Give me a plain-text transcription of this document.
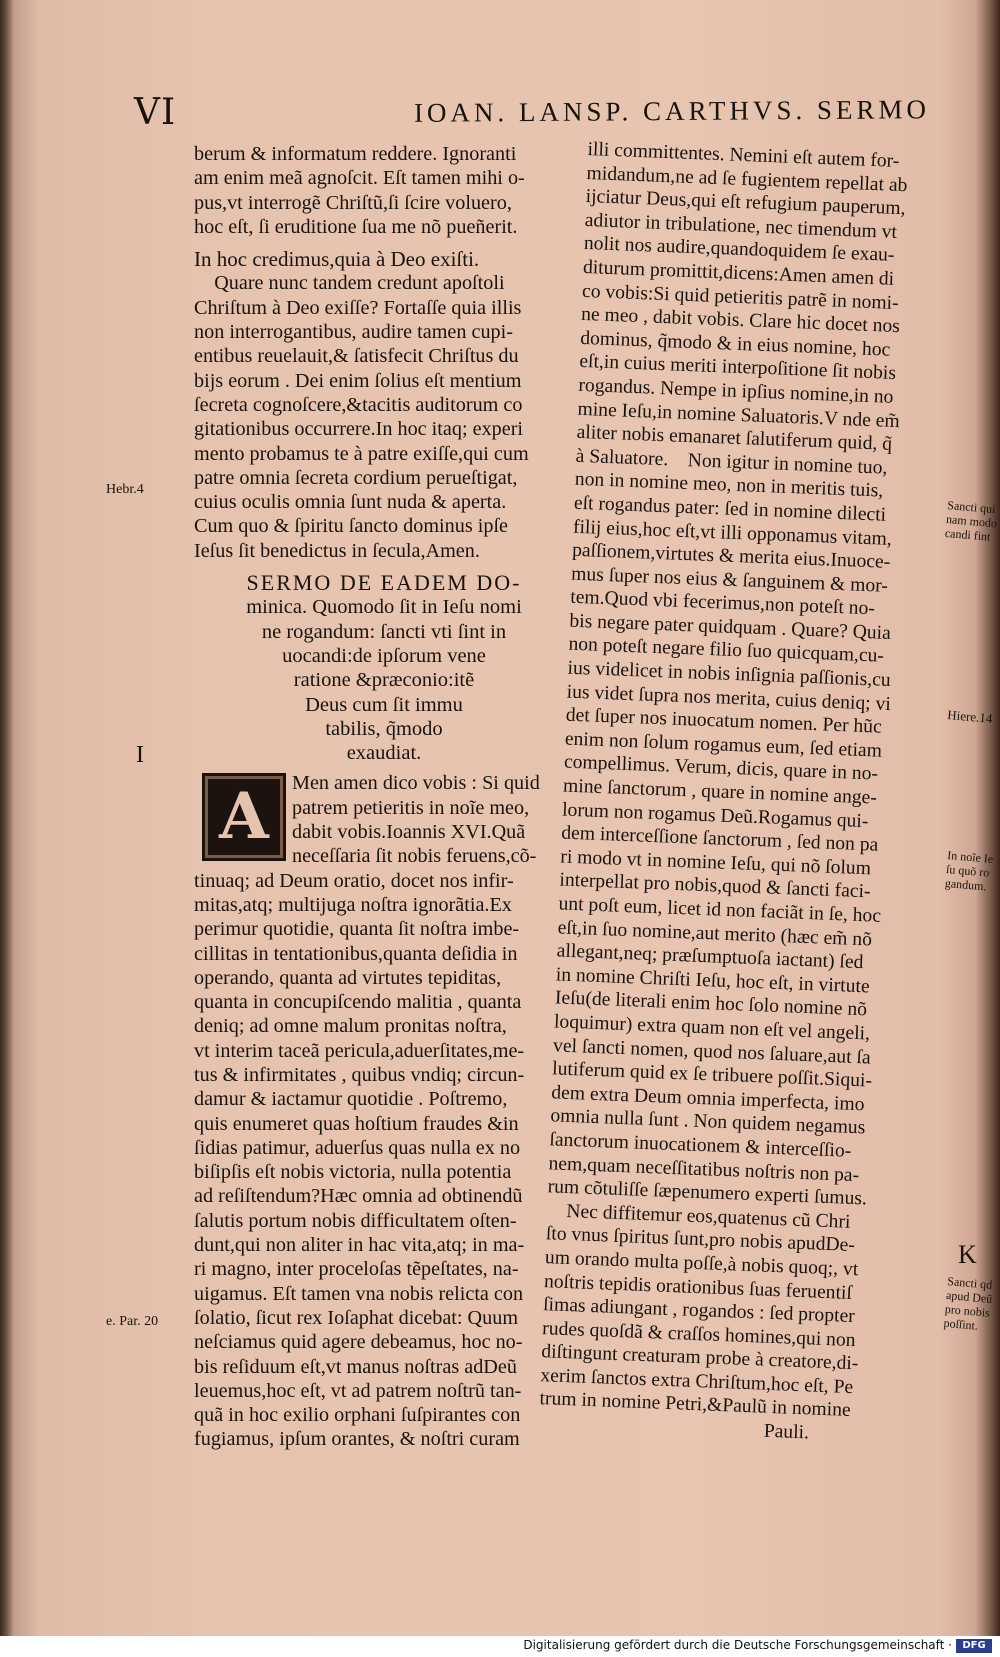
VI	IOAN. LANSP. CARTHVS. SERMO
berum & informatum reddere. Ignoranti
am enim meã agnoſcit. Eſt tamen mihi o-
pus,vt interrogẽ Chriſtũ,ſi ſcire voluero,
hoc eſt, ſi eruditione ſua me nõ pueñerit.
In hoc credimus,quia à Deo exiſti.
Quare nunc tandem credunt apoſtoli
Chriſtum à Deo exiſſe? Fortaſſe quia illis
non interrogantibus, audire tamen cupi-
entibus reuelauit,& ſatisfecit Chriſtus du
bijs eorum . Dei enim ſolius eſt mentium
ſecreta cognoſcere,&tacitis auditorum co
gitationibus occurrere.In hoc itaq; experi
mento probamus te à patre exiſſe,qui cum
patre omnia ſecreta cordium perueſtigat,
cuius oculis omnia ſunt nuda & aperta.
Cum quo & ſpiritu ſancto dominus ipſe
Ieſus ſit benedictus in ſecula,Amen.
SERMO DE EADEM DO-
minica. Quomodo ſit in Ieſu nomi
ne rogandum: ſancti vti ſint in
uocandi:de ipſorum vene
ratione &præconio:itẽ
Deus cum ſit immu
tabilis, q̃modo
exaudiat.
A	Men amen dico vobis : Si quid
patrem petieritis in noĩe meo,
dabit vobis.Ioannis XVI.Quã
neceſſaria ſit nobis feruens,cõ-
tinuaq; ad Deum oratio, docet nos infir-
mitas,atq; multijuga noſtra ignorãtia.Ex
perimur quotidie, quanta ſit noſtra imbe-
cillitas in tentationibus,quanta deſidia in
operando, quanta ad virtutes tepiditas,
quanta in concupiſcendo malitia , quanta
deniq; ad omne malum pronitas noſtra,
vt interim taceã pericula,aduerſitates,me-
tus & infirmitates , quibus vndiq; circun-
damur & iactamur quotidie . Poſtremo,
quis enumeret quas hoſtium fraudes &in
ſidias patimur, aduerſus quas nulla ex no
biſipſis eſt nobis victoria, nulla potentia
ad reſiſtendum?Hæc omnia ad obtinendũ
ſalutis portum nobis difficultatem oſten-
dunt,qui non aliter in hac vita,atq; in ma-
ri magno, inter proceloſas tẽpeſtates, na-
uigamus. Eſt tamen vna nobis relicta con
ſolatio, ſicut rex Ioſaphat dicebat: Quum
neſciamus quid agere debeamus, hoc no-
bis reſiduum eſt,vt manus noſtras adDeũ
leuemus,hoc eſt, vt ad patrem noſtrũ tan-
quã in hoc exilio orphani ſuſpirantes con
fugiamus, ipſum orantes, & noſtri curam
illi committentes. Nemini eſt autem for-
midandum,ne ad ſe fugientem repellat ab
ijciatur Deus,qui eſt refugium pauperum,
adiutor in tribulatione, nec timendum vt
nolit nos audire,quandoquidem ſe exau-
diturum promittit,dicens:Amen amen di
co vobis:Si quid petieritis patrẽ in nomi-
ne meo , dabit vobis. Clare hic docet nos
dominus, q̃modo & in eius nomine, hoc
eſt,in cuius meriti interpoſitione ſit nobis
rogandus. Nempe in ipſius nomine,in no
mine Ieſu,in nomine Saluatoris.V nde em̃
aliter nobis emanaret ſalutiferum quid, q̃
à Saluatore.    Non igitur in nomine tuo,
non in nomine meo, non in meritis tuis,
eſt rogandus pater: ſed in nomine dilecti
filij eius,hoc eſt,vt illi opponamus vitam,
paſſionem,virtutes & merita eius.Inuoce-
mus ſuper nos eius & ſanguinem & mor-
tem.Quod vbi fecerimus,non poteſt no-
bis negare pater quidquam . Quare? Quia
non poteſt negare filio ſuo quicquam,cu-
ius videlicet in nobis inſignia paſſionis,cu
ius videt ſupra nos merita, cuius deniq; vi
det ſuper nos inuocatum nomen. Per hũc
enim non ſolum rogamus eum, ſed etiam
compellimus. Verum, dicis, quare in no-
mine ſanctorum , quare in nomine ange-
lorum non rogamus Deũ.Rogamus qui-
dem interceſſione ſanctorum , ſed non pa
ri modo vt in nomine Ieſu, qui nõ ſolum
interpellat pro nobis,quod & ſancti faci-
unt poſt eum, licet id non faciãt in ſe, hoc
eſt,in ſuo nomine,aut merito (hæc em̃ nõ
allegant,neq; præſumptuoſa iactant) ſed
in nomine Chriſti Ieſu, hoc eſt, in virtute
Ieſu(de literali enim hoc ſolo nomine nõ
loquimur) extra quam non eſt vel angeli,
vel ſancti nomen, quod nos ſaluare,aut ſa
lutiferum quid ex ſe tribuere poſſit.Siqui-
dem extra Deum omnia imperfecta, imo
omnia nulla ſunt . Non quidem negamus
ſanctorum inuocationem & interceſſio-
nem,quam neceſſitatibus noſtris non pa-
rum cõtuliſſe ſæpenumero experti ſumus.
Nec diffitemur eos,quatenus cũ Chri
ſto vnus ſpiritus ſunt,pro nobis apudDe-
um orando multa poſſe,à nobis quoq;, vt
noſtris tepidis orationibus ſuas feruentiſ
ſimas adiungant , rogandos : ſed propter
rudes quoſdã & craſſos homines,qui non
diſtingunt creaturam probe à creatore,di-
xerim ſanctos extra Chriſtum,hoc eſt, Pe
trum in nomine Petri,&Paulũ in nomine
Pauli.
Hebr.4
I
e. Par. 20
Sancti qui
nam modo
candi fint
Hiere.14
In noĩe Ie
ſu quõ ro
gandum.
K
Sancti qd
apud Deũ
pro nobis
poſſint.
Digitalisierung gefördert durch die Deutsche Forschungsgemeinschaft ·	DFG
